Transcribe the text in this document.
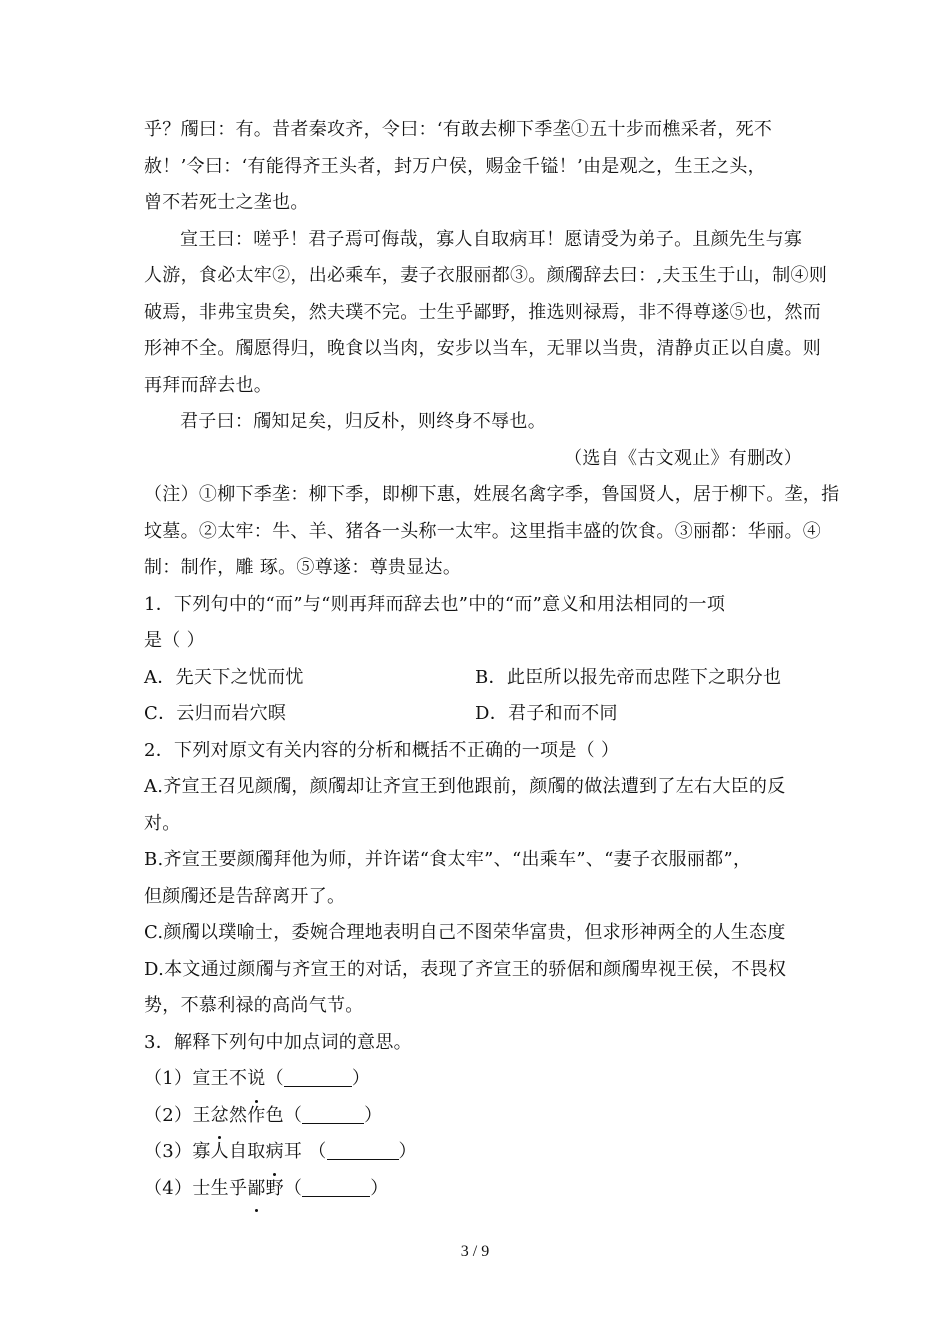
乎？斶曰：有。昔者秦攻齐，令曰：‘有敢去柳下季垄①五十步而樵采者，死不
赦！’令曰：‘有能得齐王头者，封万户侯，赐金千镒！’由是观之，生王之头，
曾不若死士之垄也。
宣王曰：嗟乎！君子焉可侮哉，寡人自取病耳！愿请受为弟子。且颜先生与寡
人游，食必太牢②，出必乘车，妻子衣服丽都③。颜斶辞去曰：,夫玉生于山，制④则
破焉，非弗宝贵矣，然夫璞不完。士生乎鄙野，推选则禄焉，非不得尊遂⑤也，然而
形神不全。斶愿得归，晚食以当肉，安步以当车，无罪以当贵，清静贞正以自虞。则
再拜而辞去也。
君子曰：斶知足矣，归反朴，则终身不辱也。
（选自《古文观止》有删改）
（注）①柳下季垄：柳下季，即柳下惠，姓展名禽字季，鲁国贤人，居于柳下。垄，指
坟墓。②太牢：牛、羊、猪各一头称一太牢。这里指丰盛的饮食。③丽都：华丽。④
制：制作，雕 琢。⑤尊遂：尊贵显达。
1．下列句中的“而”与“则再拜而辞去也”中的“而”意义和用法相同的一项
是（ ）
A．先天下之忧而忧	B．此臣所以报先帝而忠陛下之职分也
C．云归而岩穴暝	D．君子和而不同
2．下列对原文有关内容的分析和概括不正确的一项是（ ）
A.齐宣王召见颜斶，颜斶却让齐宣王到他跟前，颜斶的做法遭到了左右大臣的反
对。
B.齐宣王要颜斶拜他为师，并许诺“食太牢”、“出乘车”、“妻子衣服丽都”，
但颜斶还是告辞离开了。
C.颜斶以璞喻士，委婉合理地表明自己不图荣华富贵，但求形神两全的人生态度
D.本文通过颜斶与齐宣王的对话，表现了齐宣王的骄倨和颜斶卑视王侯，不畏权
势，不慕利禄的高尚气节。
3．解释下列句中加点词的意思。
（1）宣王不说（	）
（2）王忿然作色（	）
（3）寡人自取病耳 （	）
（4）士生乎鄙野（	）
3 / 9
